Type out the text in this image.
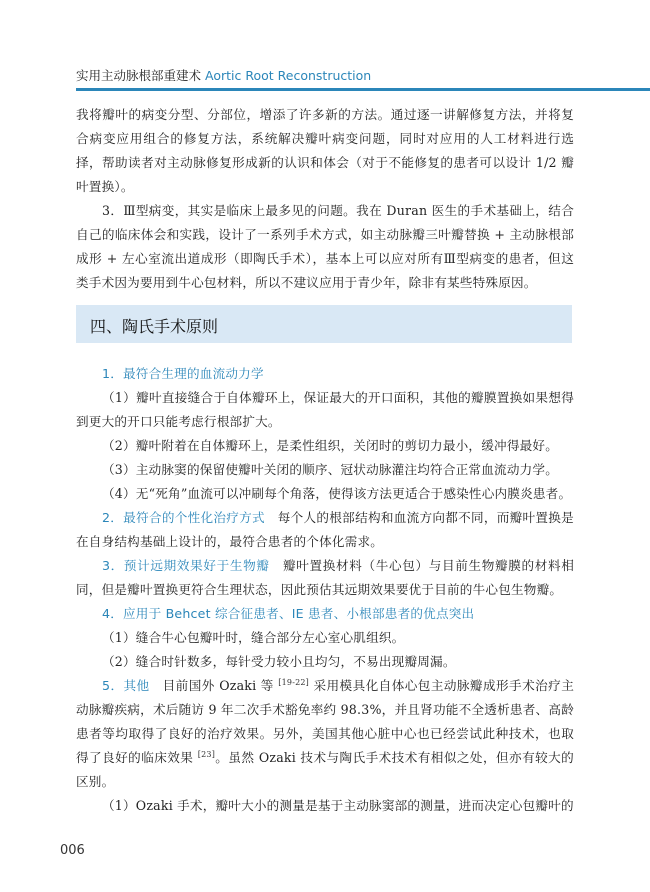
实用主动脉根部重建术 Aortic Root Reconstruction

我将瓣叶的病变分型、分部位，增添了许多新的方法。通过逐一讲解修复方法，并将复合病变应用组合的修复方法，系统解决瓣叶病变问题，同时对应用的人工材料进行选择，帮助读者对主动脉修复形成新的认识和体会（对于不能修复的患者可以设计 1/2 瓣叶置换）。

3．Ⅲ型病变，其实是临床上最多见的问题。我在 Duran 医生的手术基础上，结合自己的临床体会和实践，设计了一系列手术方式，如主动脉瓣三叶瓣替换 + 主动脉根部成形 + 左心室流出道成形（即陶氏手术），基本上可以应对所有Ⅲ型病变的患者，但这类手术因为要用到牛心包材料，所以不建议应用于青少年，除非有某些特殊原因。

四、陶氏手术原则

1．最符合生理的血流动力学

（1）瓣叶直接缝合于自体瓣环上，保证最大的开口面积，其他的瓣膜置换如果想得到更大的开口只能考虑行根部扩大。

（2）瓣叶附着在自体瓣环上，是柔性组织，关闭时的剪切力最小，缓冲得最好。

（3）主动脉窦的保留使瓣叶关闭的顺序、冠状动脉灌注均符合正常血流动力学。

（4）无“死角”血流可以冲刷每个角落，使得该方法更适合于感染性心内膜炎患者。

2．最符合的个性化治疗方式　每个人的根部结构和血流方向都不同，而瓣叶置换是在自身结构基础上设计的，最符合患者的个体化需求。

3．预计远期效果好于生物瓣　瓣叶置换材料（牛心包）与目前生物瓣膜的材料相同，但是瓣叶置换更符合生理状态，因此预估其远期效果要优于目前的牛心包生物瓣。

4．应用于 Behcet 综合征患者、IE 患者、小根部患者的优点突出

（1）缝合牛心包瓣叶时，缝合部分左心室心肌组织。

（2）缝合时针数多，每针受力较小且均匀，不易出现瓣周漏。

5．其他　目前国外 Ozaki 等 [19-22] 采用模具化自体心包主动脉瓣成形手术治疗主动脉瓣疾病，术后随访 9 年二次手术豁免率约 98.3%，并且肾功能不全透析患者、高龄患者等均取得了良好的治疗效果。另外，美国其他心脏中心也已经尝试此种技术，也取得了良好的临床效果 [23]。虽然 Ozaki 技术与陶氏手术技术有相似之处，但亦有较大的区别。

（1）Ozaki 手术，瓣叶大小的测量是基于主动脉窦部的测量，进而决定心包瓣叶的

006
